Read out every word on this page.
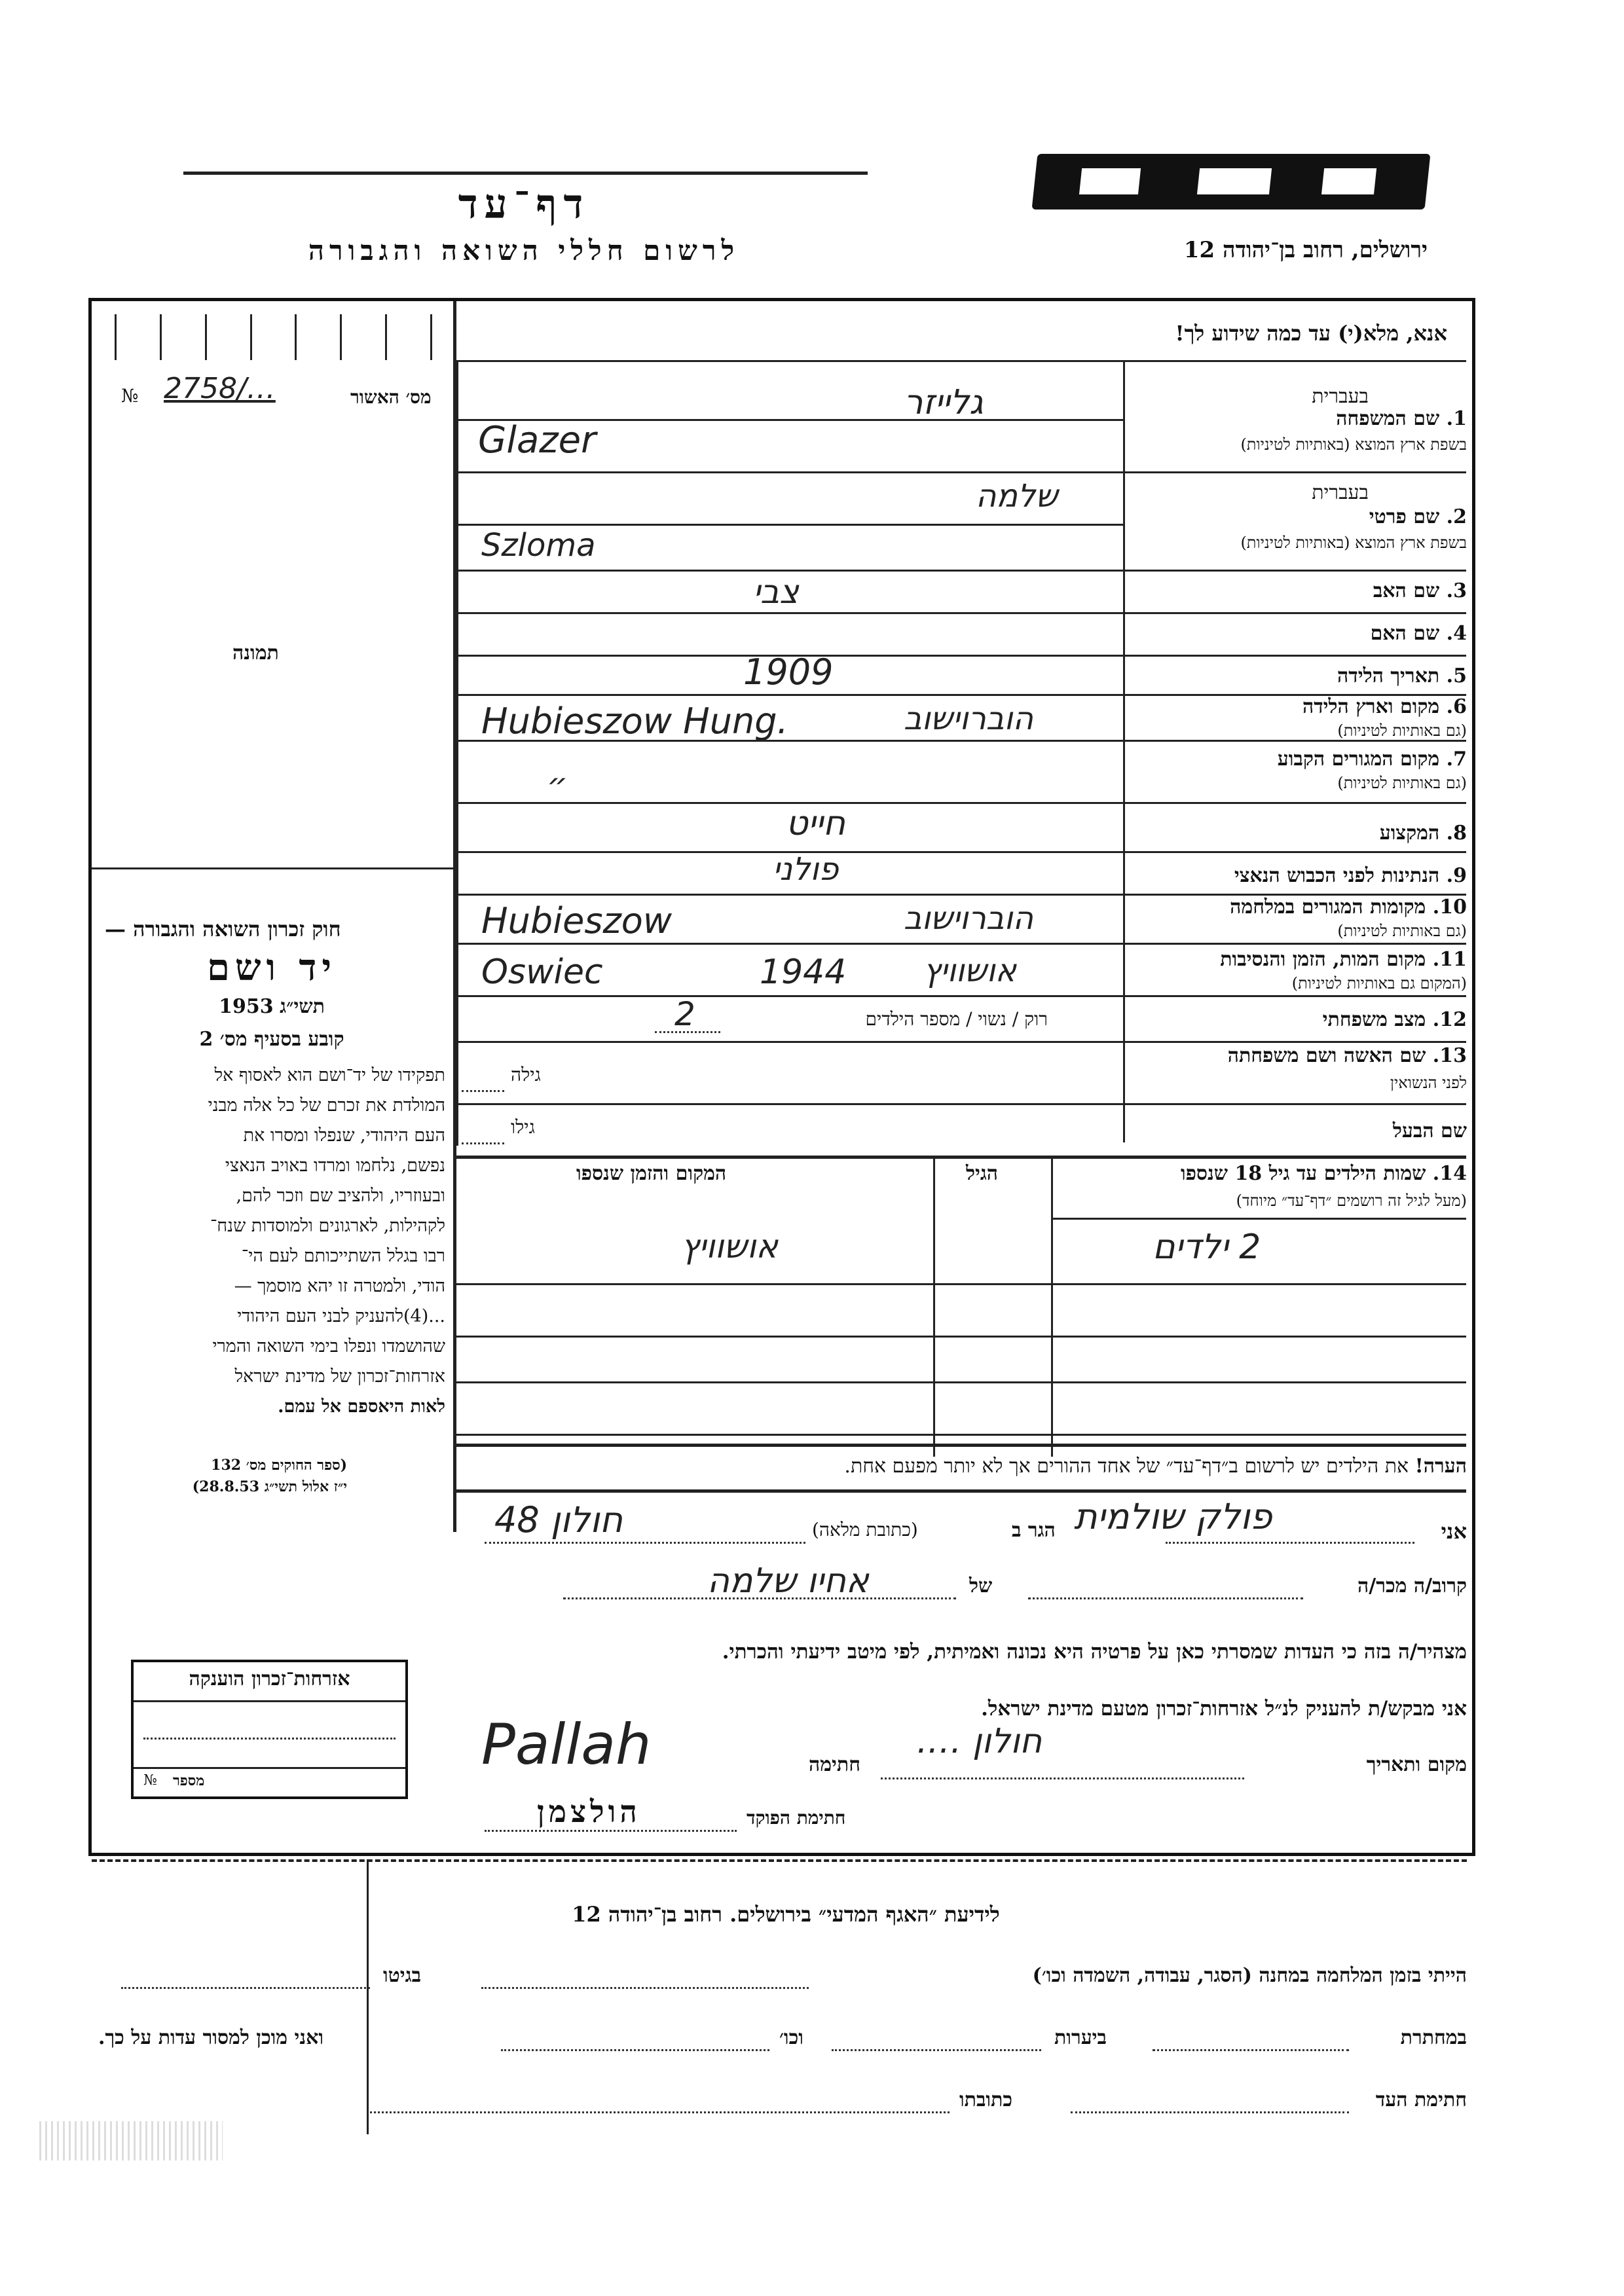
ירושלים, רחוב בן־יהודה 12
דף־עד
לרשום חללי השואה והגבורה
אנא, מלא(י) עד כמה שידוע לך!
№ 2758/…	מס׳ האשור
תמונה
בעברית
1. שם המשפחה
בשפת ארץ המוצא (באותיות לטיניות)
גלייזר
Glazer
בעברית
2. שם פרטי
בשפת ארץ המוצא (באותיות לטיניות)
שלמה
Szloma
3. שם האב
צבי
4. שם האם
5. תאריך הלידה
1909
6. מקום וארץ הלידה
(גם באותיות לטיניות)
הוברוישוב
Hubieszow Hung.
7. מקום המגורים הקבוע
(גם באותיות לטיניות)
״
8. המקצוע
חייט
9. הנתינות לפני הכבוש הנאצי
פולני
10. מקומות המגורים במלחמה
(גם באותיות לטיניות)
הוברוישוב
Hubieszow
11. מקום המות, הזמן והנסיבות
(המקום גם באותיות לטיניות)
אושוויץ
1944
Oswiec
12. מצב משפחתי
רוק / נשוי / מספר הילדים
2
13. שם האשה ושם משפחתה
לפני הנשואין
גילה
שם הבעל
גילו
14. שמות הילדים עד גיל 18 שנספו
(מעל לגיל זה רושמים ״דף־עד״ מיוחד)
הגיל
המקום והזמן שנספו
2 ילדים
אושוויץ
הערה! את הילדים יש לרשום ב״דף־עד״ של אחד ההורים אך לא יותר מפעם אחת.
חוק זכרון השואה והגבורה —
יד ושם
תשי״ג 1953
קובע בסעיף מס׳ 2
תפקידו של יד־ושם הוא לאסוף אל
המולדת את זכרם של כל אלה מבני
העם היהודי, שנפלו ומסרו את
נפשם, נלחמו ומרדו באויב הנאצי
ובעוזריו, ולהציב שם וזכר להם,
לקהילות, לארגונים ולמוסדות שנח־
רבו בגלל השתייכותם לעם הי־
הודי, ולמטרה זו יהא מוסמך —
...(4)להעניק לבני העם היהודי
שהושמדו ונפלו בימי השואה והמרי
אזרחות־זכרון של מדינת ישראל
לאות היאספם אל עמם.
(ספר החוקים מס׳ 132
י״ז אלול תשי״ג 28.8.53)
אזרחות־זכרון הוענקה
№ מספר
אני
פולק שולמית
הגר ב
(כתובת מלאה)
חולון 48
קרוב/ה מכר/ה
של
אחיו שלמה
מצהיר/ה בזה כי העדות שמסרתי כאן על פרטיה היא נכונה ואמיתית, לפי מיטב ידיעתי והכרתי.
אני מבקש/ת להעניק לנ״ל אזרחות־זכרון מטעם מדינת ישראל.
מקום ותאריך
חולון ….
חתימה
Pallah
חתימת הפוקד
הולצמן
לידיעת ״האגף המדעי״ בירושלים. רחוב בן־יהודה 12
הייתי בזמן המלחמה במחנה (הסגר, עבודה, השמדה וכו׳)
בגיטו
במחתרת
ביערות
וכו׳
ואני מוכן למסור עדות על כך.
חתימת העד
כתובתו
